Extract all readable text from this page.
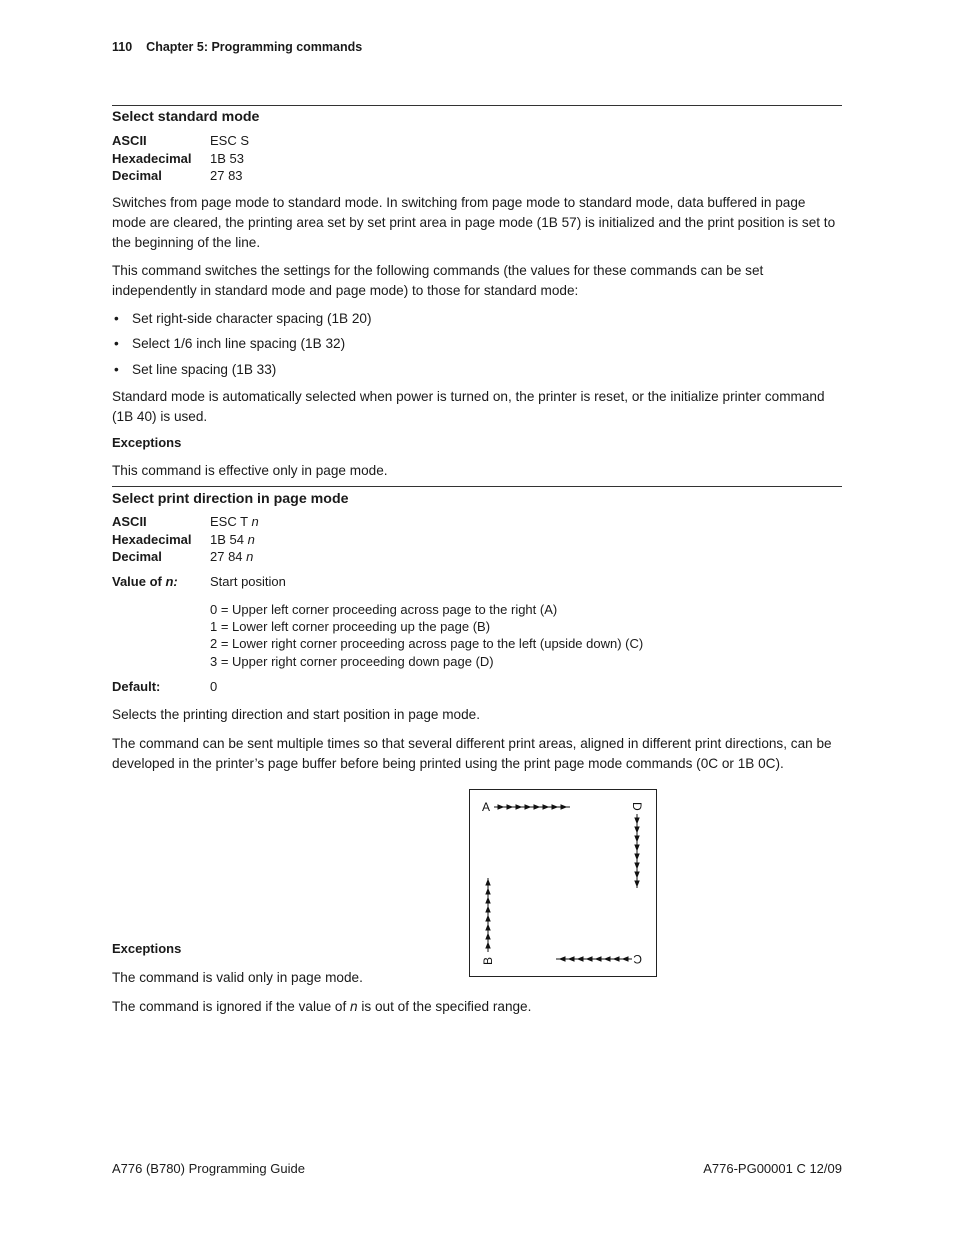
110 Chapter 5: Programming commands
Select standard mode
ASCII	ESC S
Hexadecimal 1B 53
Decimal	27 83
Switches from page mode to standard mode. In switching from page mode to standard mode, data buffered in page mode are cleared, the printing area set by set print area in page mode (1B 57) is initialized and the print position is set to the beginning of the line.
This command switches the settings for the following commands (the values for these commands can be set independently in standard mode and page mode) to those for standard mode:
• Set right-side character spacing (1B 20)
• Select 1/6 inch line spacing (1B 32)
• Set line spacing (1B 33)
Standard mode is automatically selected when power is turned on, the printer is reset, or the initialize printer command (1B 40) is used.
Exceptions
This command is effective only in page mode.
Select print direction in page mode
ASCII	ESC T n
Hexadecimal 1B 54 n
Decimal	27 84 n
Value of n: Start position
0 = Upper left corner proceeding across page to the right (A)
1 = Lower left corner proceeding up the page (B)
2 = Lower right corner proceeding across page to the left (upside down) (C)
3 = Upper right corner proceeding down page (D)
Default:	0
Selects the printing direction and start position in page mode.
The command can be sent multiple times so that several different print areas, aligned in different print directions, can be developed in the printer’s page buffer before being printed using the print page mode commands (0C or 1B 0C).
A	D
B	C
Exceptions
The command is valid only in page mode.
The command is ignored if the value of n is out of the specified range.
A776 (B780) Programming Guide	A776-PG00001 C 12/09
